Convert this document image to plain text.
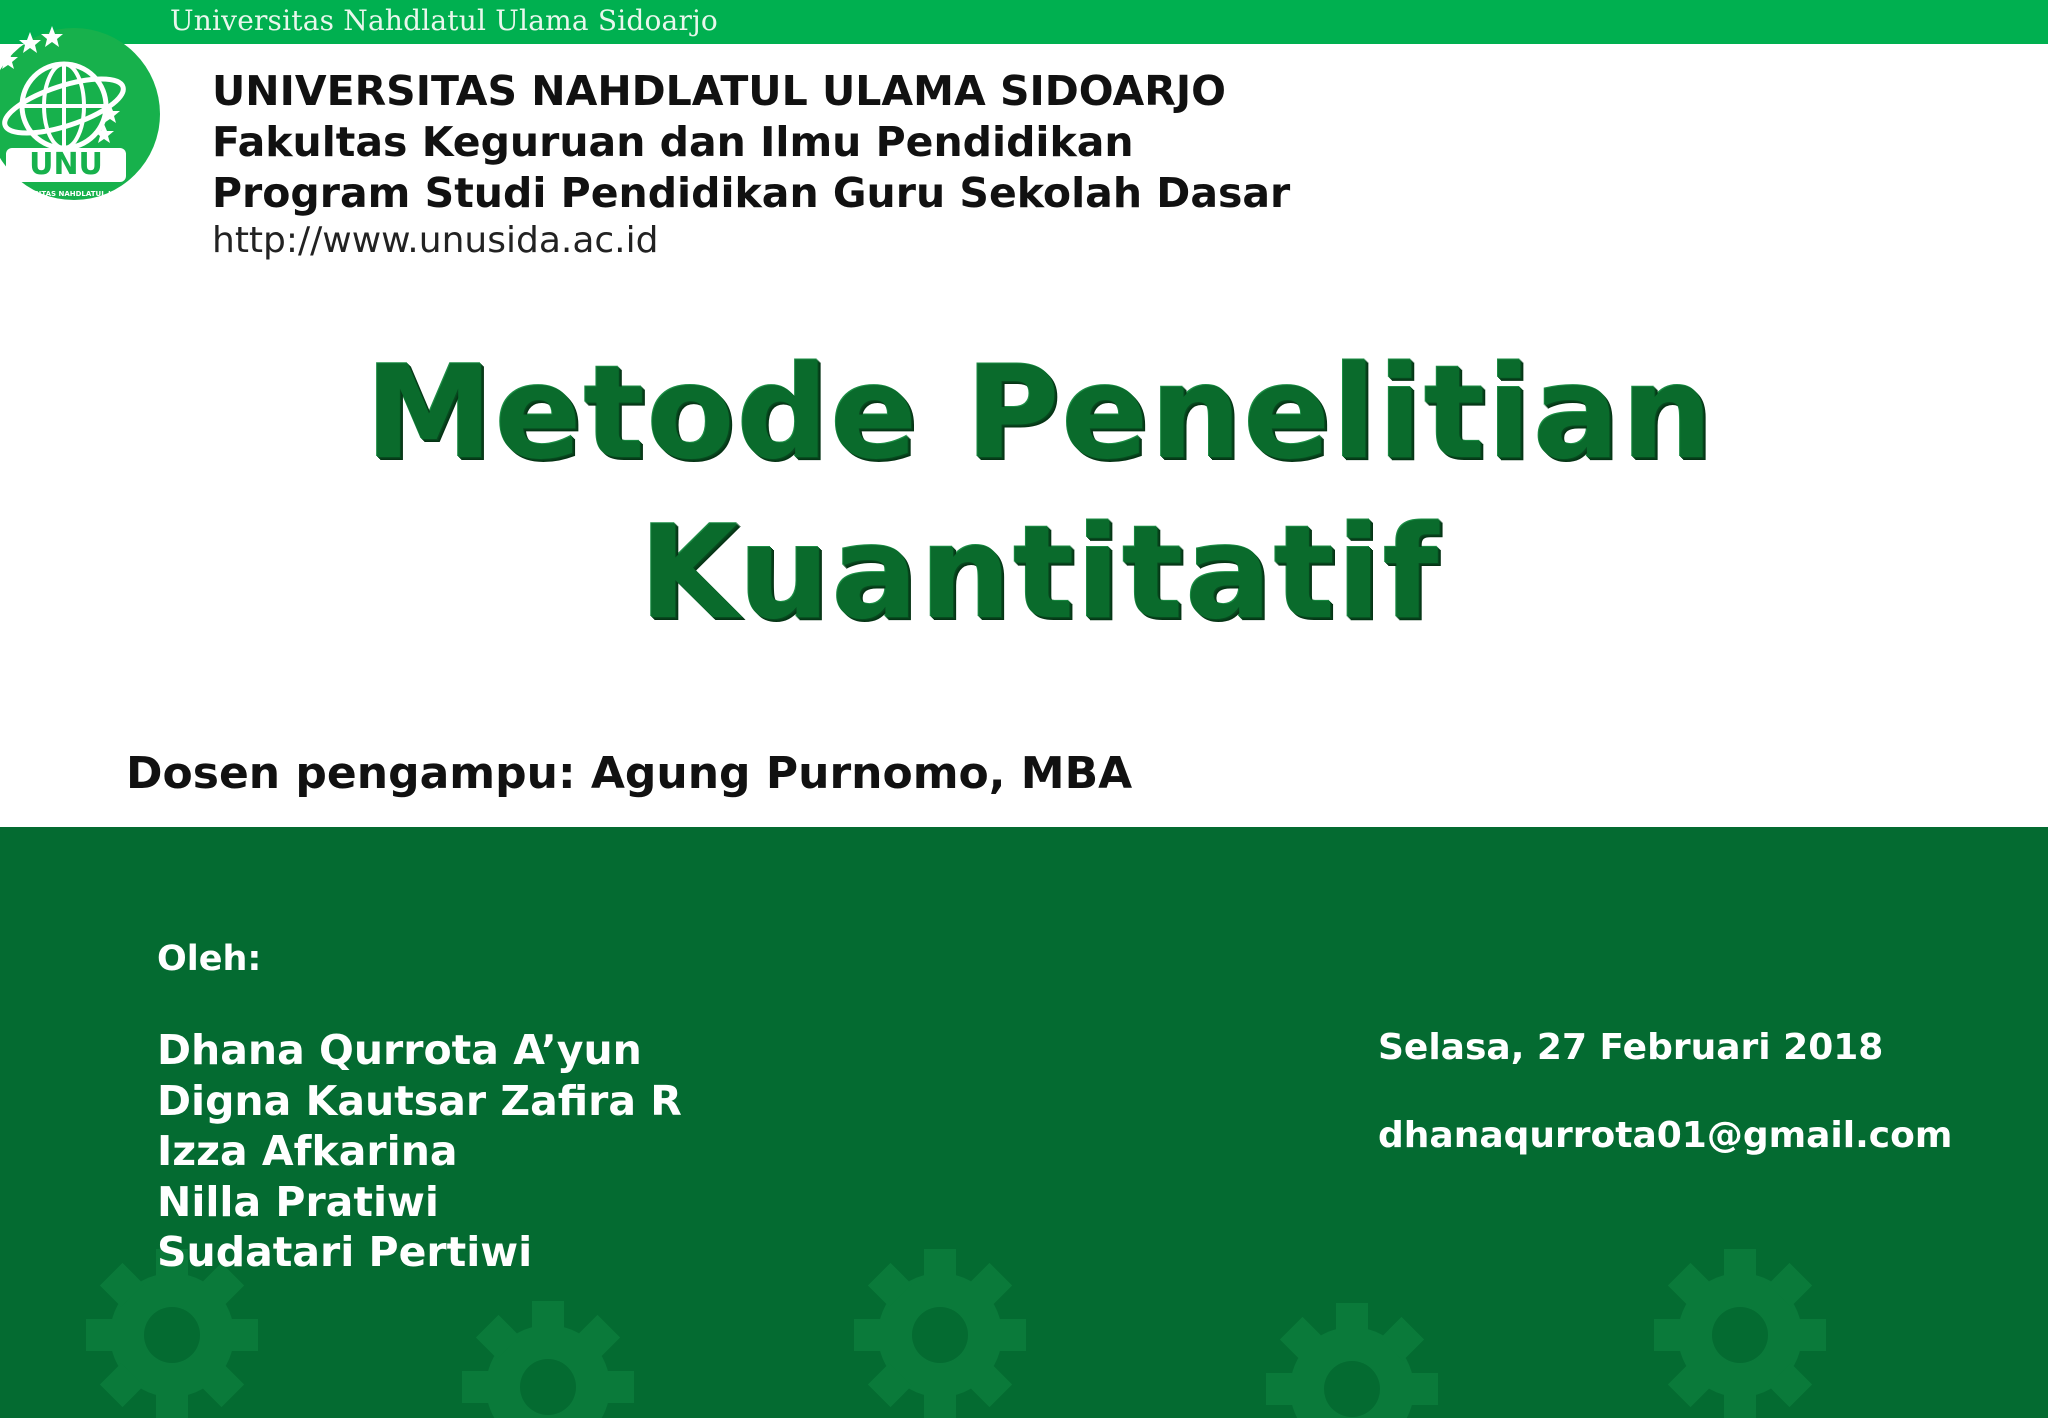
Universitas Nahdlatul Ulama Sidoarjo

UNU
UNIVERSITAS NAHDLATUL ULAMA
SIDOARJO

UNIVERSITAS NAHDLATUL ULAMA SIDOARJO

Fakultas Keguruan dan Ilmu Pendidikan

Program Studi Pendidikan Guru Sekolah Dasar

http://www.unusida.ac.id

Metode Penelitian
Kuantitatif

Dosen pengampu: Agung Purnomo, MBA

Oleh:

Dhana Qurrota A’yun
Digna Kautsar Zafira R
Izza Afkarina
Nilla Pratiwi
Sudatari Pertiwi

Selasa, 27 Februari 2018

dhanaqurrota01@gmail.com
